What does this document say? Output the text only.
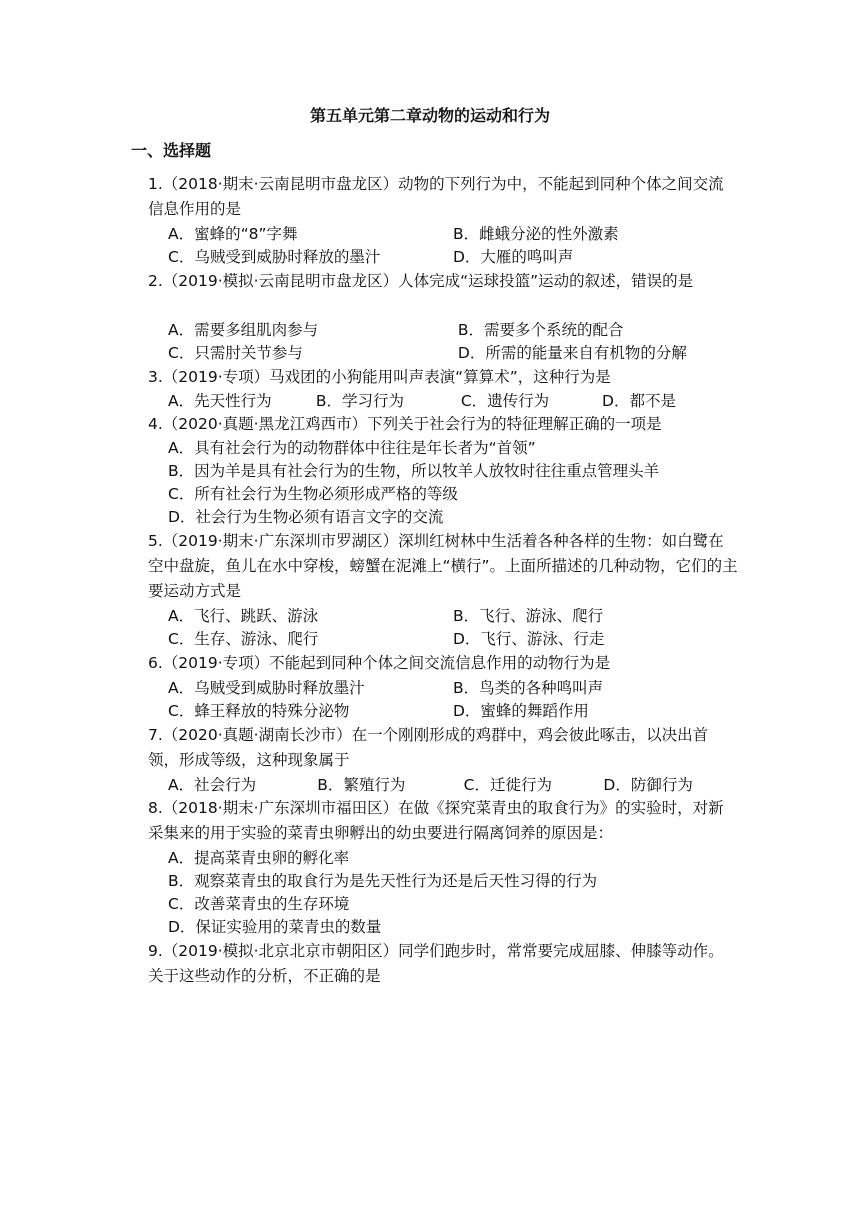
第五单元第二章动物的运动和行为
一、选择题
1.（2018·期末·云南昆明市盘龙区）动物的下列行为中，不能起到同种个体之间交流信息作用的是
A．蜜蜂的“8”字舞	B．雌蛾分泌的性外激素
C．乌贼受到威胁时释放的墨汁	D．大雁的鸣叫声
2.（2019·模拟·云南昆明市盘龙区）人体完成“运球投篮”运动的叙述，错误的是
A．需要多组肌肉参与	B．需要多个系统的配合
C．只需肘关节参与	D．所需的能量来自有机物的分解
3.（2019·专项）马戏团的小狗能用叫声表演“算算术”，这种行为是
A．先天性行为	B．学习行为	C．遗传行为	D．都不是
4.（2020·真题·黑龙江鸡西市）下列关于社会行为的特征理解正确的一项是
A．具有社会行为的动物群体中往往是年长者为“首领”
B．因为羊是具有社会行为的生物，所以牧羊人放牧时往往重点管理头羊
C．所有社会行为生物必须形成严格的等级
D．社会行为生物必须有语言文字的交流
5.（2019·期末·广东深圳市罗湖区）深圳红树林中生活着各种各样的生物：如白鹭在空中盘旋，鱼儿在水中穿梭，螃蟹在泥滩上“横行”。上面所描述的几种动物，它们的主要运动方式是
A．飞行、跳跃、游泳	B．飞行、游泳、爬行
C．生存、游泳、爬行	D．飞行、游泳、行走
6.（2019·专项）不能起到同种个体之间交流信息作用的动物行为是
A．乌贼受到威胁时释放墨汁	B．鸟类的各种鸣叫声
C．蜂王释放的特殊分泌物	D．蜜蜂的舞蹈作用
7.（2020·真题·湖南长沙市）在一个刚刚形成的鸡群中，鸡会彼此啄击，以决出首领，形成等级，这种现象属于
A．社会行为	B．繁殖行为	C．迁徙行为	D．防御行为
8.（2018·期末·广东深圳市福田区）在做《探究菜青虫的取食行为》的实验时，对新采集来的用于实验的菜青虫卵孵出的幼虫要进行隔离饲养的原因是：
A．提高菜青虫卵的孵化率
B．观察菜青虫的取食行为是先天性行为还是后天性习得的行为
C．改善菜青虫的生存环境
D．保证实验用的菜青虫的数量
9.（2019·模拟·北京北京市朝阳区）同学们跑步时，常常要完成屈膝、伸膝等动作。关于这些动作的分析，不正确的是
